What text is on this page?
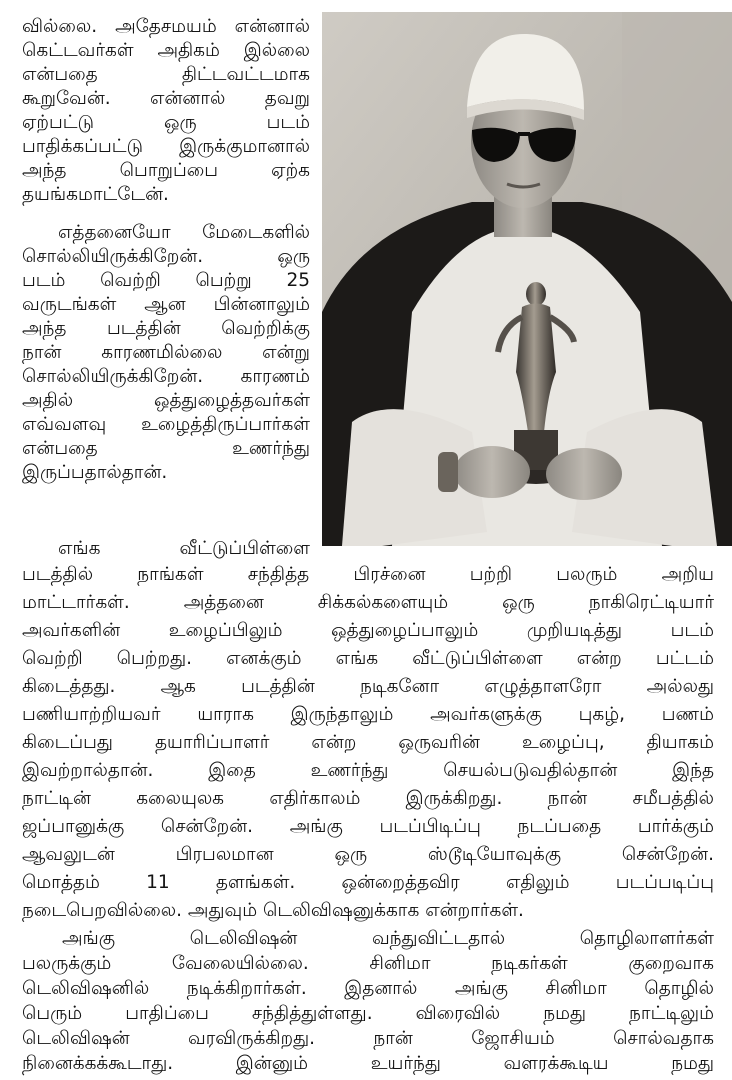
வில்லை. அதேசமயம் என்னால்

கெட்டவர்கள் அதிகம் இல்லை

என்பதை திட்டவட்டமாக

கூறுவேன். என்னால் தவறு

ஏற்பட்டு ஒரு படம்

பாதிக்கப்பட்டு இருக்குமானால்

அந்த பொறுப்பை ஏற்க

தயங்கமாட்டேன்.

எத்தனையோ மேடைகளில்

சொல்லியிருக்கிறேன். ஒரு

படம் வெற்றி பெற்று 25

வருடங்கள் ஆன பின்னாலும்

அந்த படத்தின் வெற்றிக்கு

நான் காரணமில்லை என்று

சொல்லியிருக்கிறேன். காரணம்

அதில் ஒத்துழைத்தவர்கள்

எவ்வளவு உழைத்திருப்பார்கள்

என்பதை உணர்ந்து

இருப்பதால்தான்.

எங்க வீட்டுப்பிள்ளை

படத்தில் நாங்கள் சந்தித்த பிரச்னை பற்றி பலரும் அறிய

மாட்டார்கள். அத்தனை சிக்கல்களையும் ஒரு நாகிரெட்டியார்

அவர்களின் உழைப்பிலும் ஒத்துழைப்பாலும் முறியடித்து படம்

வெற்றி பெற்றது. எனக்கும் எங்க வீட்டுப்பிள்ளை என்ற பட்டம்

கிடைத்தது. ஆக படத்தின் நடிகனோ எழுத்தாளரோ அல்லது

பணியாற்றியவர் யாராக இருந்தாலும் அவர்களுக்கு புகழ், பணம்

கிடைப்பது தயாரிப்பாளர் என்ற ஒருவரின் உழைப்பு, தியாகம்

இவற்றால்தான். இதை உணர்ந்து செயல்படுவதில்தான் இந்த

நாட்டின் கலையுலக எதிர்காலம் இருக்கிறது. நான் சமீபத்தில்

ஜப்பானுக்கு சென்றேன். அங்கு படப்பிடிப்பு நடப்பதை பார்க்கும்

ஆவலுடன் பிரபலமான ஒரு ஸ்டூடியோவுக்கு சென்றேன்.

மொத்தம் 11 தளங்கள். ஒன்றைத்தவிர எதிலும் படப்படிப்பு

நடைபெறவில்லை. அதுவும் டெலிவிஷனுக்காக என்றார்கள்.

அங்கு டெலிவிஷன் வந்துவிட்டதால் தொழிலாளர்கள்

பலருக்கும் வேலையில்லை. சினிமா நடிகர்கள் குறைவாக

டெலிவிஷனில் நடிக்கிறார்கள். இதனால் அங்கு சினிமா தொழில்

பெரும் பாதிப்பை சந்தித்துள்ளது. விரைவில் நமது நாட்டிலும்

டெலிவிஷன் வரவிருக்கிறது. நான் ஜோசியம் சொல்வதாக

நினைக்கக்கூடாது. இன்னும் உயர்ந்து வளரக்கூடிய நமது
